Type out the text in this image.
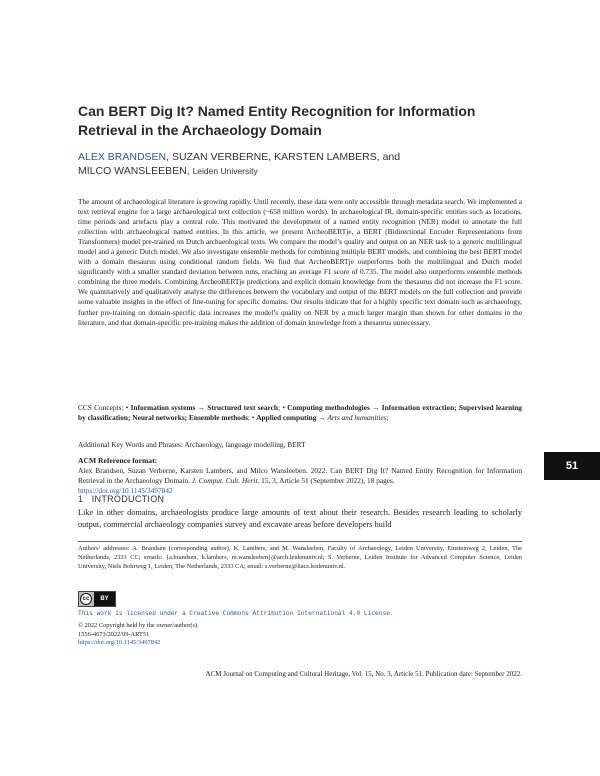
Can BERT Dig It? Named Entity Recognition for Information Retrieval in the Archaeology Domain
ALEX BRANDSEN, SUZAN VERBERNE, KARSTEN LAMBERS, and
MILCO WANSLEEBEN, Leiden University
The amount of archaeological literature is growing rapidly. Until recently, these data were only accessible through metadata search. We implemented a text retrieval engine for a large archaeological text collection (~658 million words). In archaeological IR, domain-specific entities such as locations, time periods and artefacts play a central role. This motivated the development of a named entity recognition (NER) model to annotate the full collection with archaeological named entities. In this article, we present ArcheoBERTje, a BERT (Bidirectional Encoder Representations from Transformers) model pre-trained on Dutch archaeological texts. We compare the model’s quality and output on an NER task to a generic multilingual model and a generic Dutch model. We also investigate ensemble methods for combining multiple BERT models, and combining the best BERT model with a domain thesaurus using conditional random fields. We find that ArcheoBERTje outperforms both the multilingual and Dutch model significantly with a smaller standard deviation between runs, reaching an average F1 score of 0.735. The model also outperforms ensemble methods combining the three models. Combining ArcheoBERTje predictions and explicit domain knowledge from the thesaurus did not increase the F1 score. We quantitatively and qualitatively analyse the differences between the vocabulary and output of the BERT models on the full collection and provide some valuable insights in the effect of fine-tuning for specific domains. Our results indicate that for a highly specific text domain such as archaeology, further pre-training on domain-specific data increases the model’s quality on NER by a much larger margin than shown for other domains in the literature, and that domain-specific pre-training makes the addition of domain knowledge from a thesaurus unnecessary.
CCS Concepts: • Information systems → Structured text search; • Computing methodologies → Information extraction; Supervised learning by classification; Neural networks; Ensemble methods; • Applied computing → Arts and humanities;
Additional Key Words and Phrases: Archaeology, language modelling, BERT
ACM Reference format:
Alex Brandsen, Suzan Verberne, Karsten Lambers, and Milco Wansleeben. 2022. Can BERT Dig It? Named Entity Recognition for Information Retrieval in the Archaeology Domain. J. Comput. Cult. Herit. 15, 3, Article 51 (September 2022), 18 pages.
https://doi.org/10.1145/3497842
1 INTRODUCTION
Like in other domains, archaeologists produce large amounts of text about their research. Besides research leading to scholarly output, commercial archaeology companies survey and excavate areas before developers build
Authors’ addresses: A. Brandsen (corresponding author), K. Lambers, and M. Wansleeben, Faculty of Archaeology, Leiden University, Einsteinweg 2, Leiden, The Netherlands, 2333 CC; emails: {a.brandsen, k.lambers, m.wansleeben}@arch.leidenuniv.nl; S. Verberne, Leiden Institute for Advanced Computer Science, Leiden University, Niels Bohrweg 1, Leiden, The Netherlands, 2333 CA; email: s.verberne@liacs.leidenuniv.nl.
cc	BY
This work is licensed under a Creative Commons Attribution International 4.0 License.
© 2022 Copyright held by the owner/author(s).
1556-4673/2022/09-ART51
https://doi.org/10.1145/3497842
ACM Journal on Computing and Cultural Heritage, Vol. 15, No. 3, Article 51. Publication date: September 2022.
51
